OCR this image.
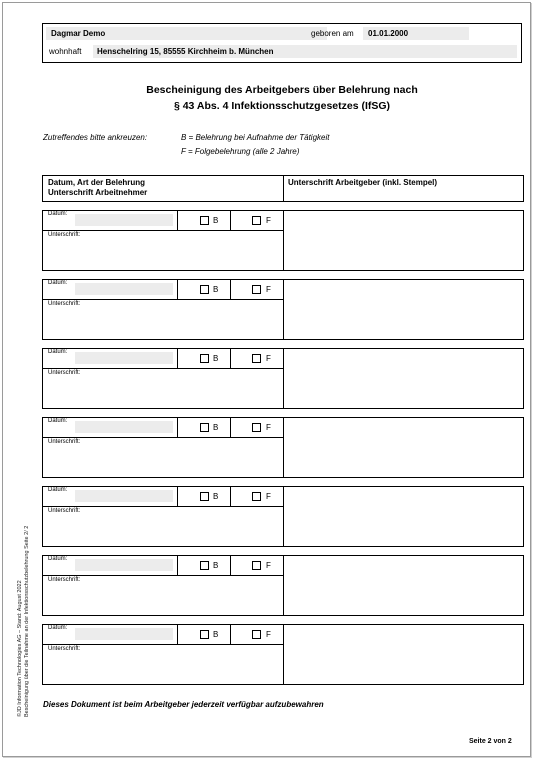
Dagmar Demo	geboren am 01.01.2000
wohnhaft Henschelring 15, 85555 Kirchheim b. München
Bescheinigung des Arbeitgebers über Belehrung nach
§ 43 Abs. 4 Infektionsschutzgesetzes (IfSG)
Zutreffendes bitte ankreuzen:	B = Belehrung bei Aufnahme der Tätigkeit
F = Folgebelehrung (alle 2 Jahre)
Datum, Art der Belehrung
Unterschrift Arbeitnehmer
Unterschrift Arbeitgeber (inkl. Stempel)
Datum:
B	F
Unterschrift:
Datum:
B	F
Unterschrift:
Datum:
B	F
Unterschrift:
Datum:
B	F
Unterschrift:
Datum:
B	F
Unterschrift:
Datum:
B	F
Unterschrift:
Datum:
B	F
Unterschrift:
Dieses Dokument ist beim Arbeitgeber jederzeit verfügbar aufzubewahren
Seite 2 von 2
©JD Information Technologies AG – Stand: August 2022 Bescheinigung über die Teilnahme an der Infektionsschutzbelehrung Seite 2/ 2
